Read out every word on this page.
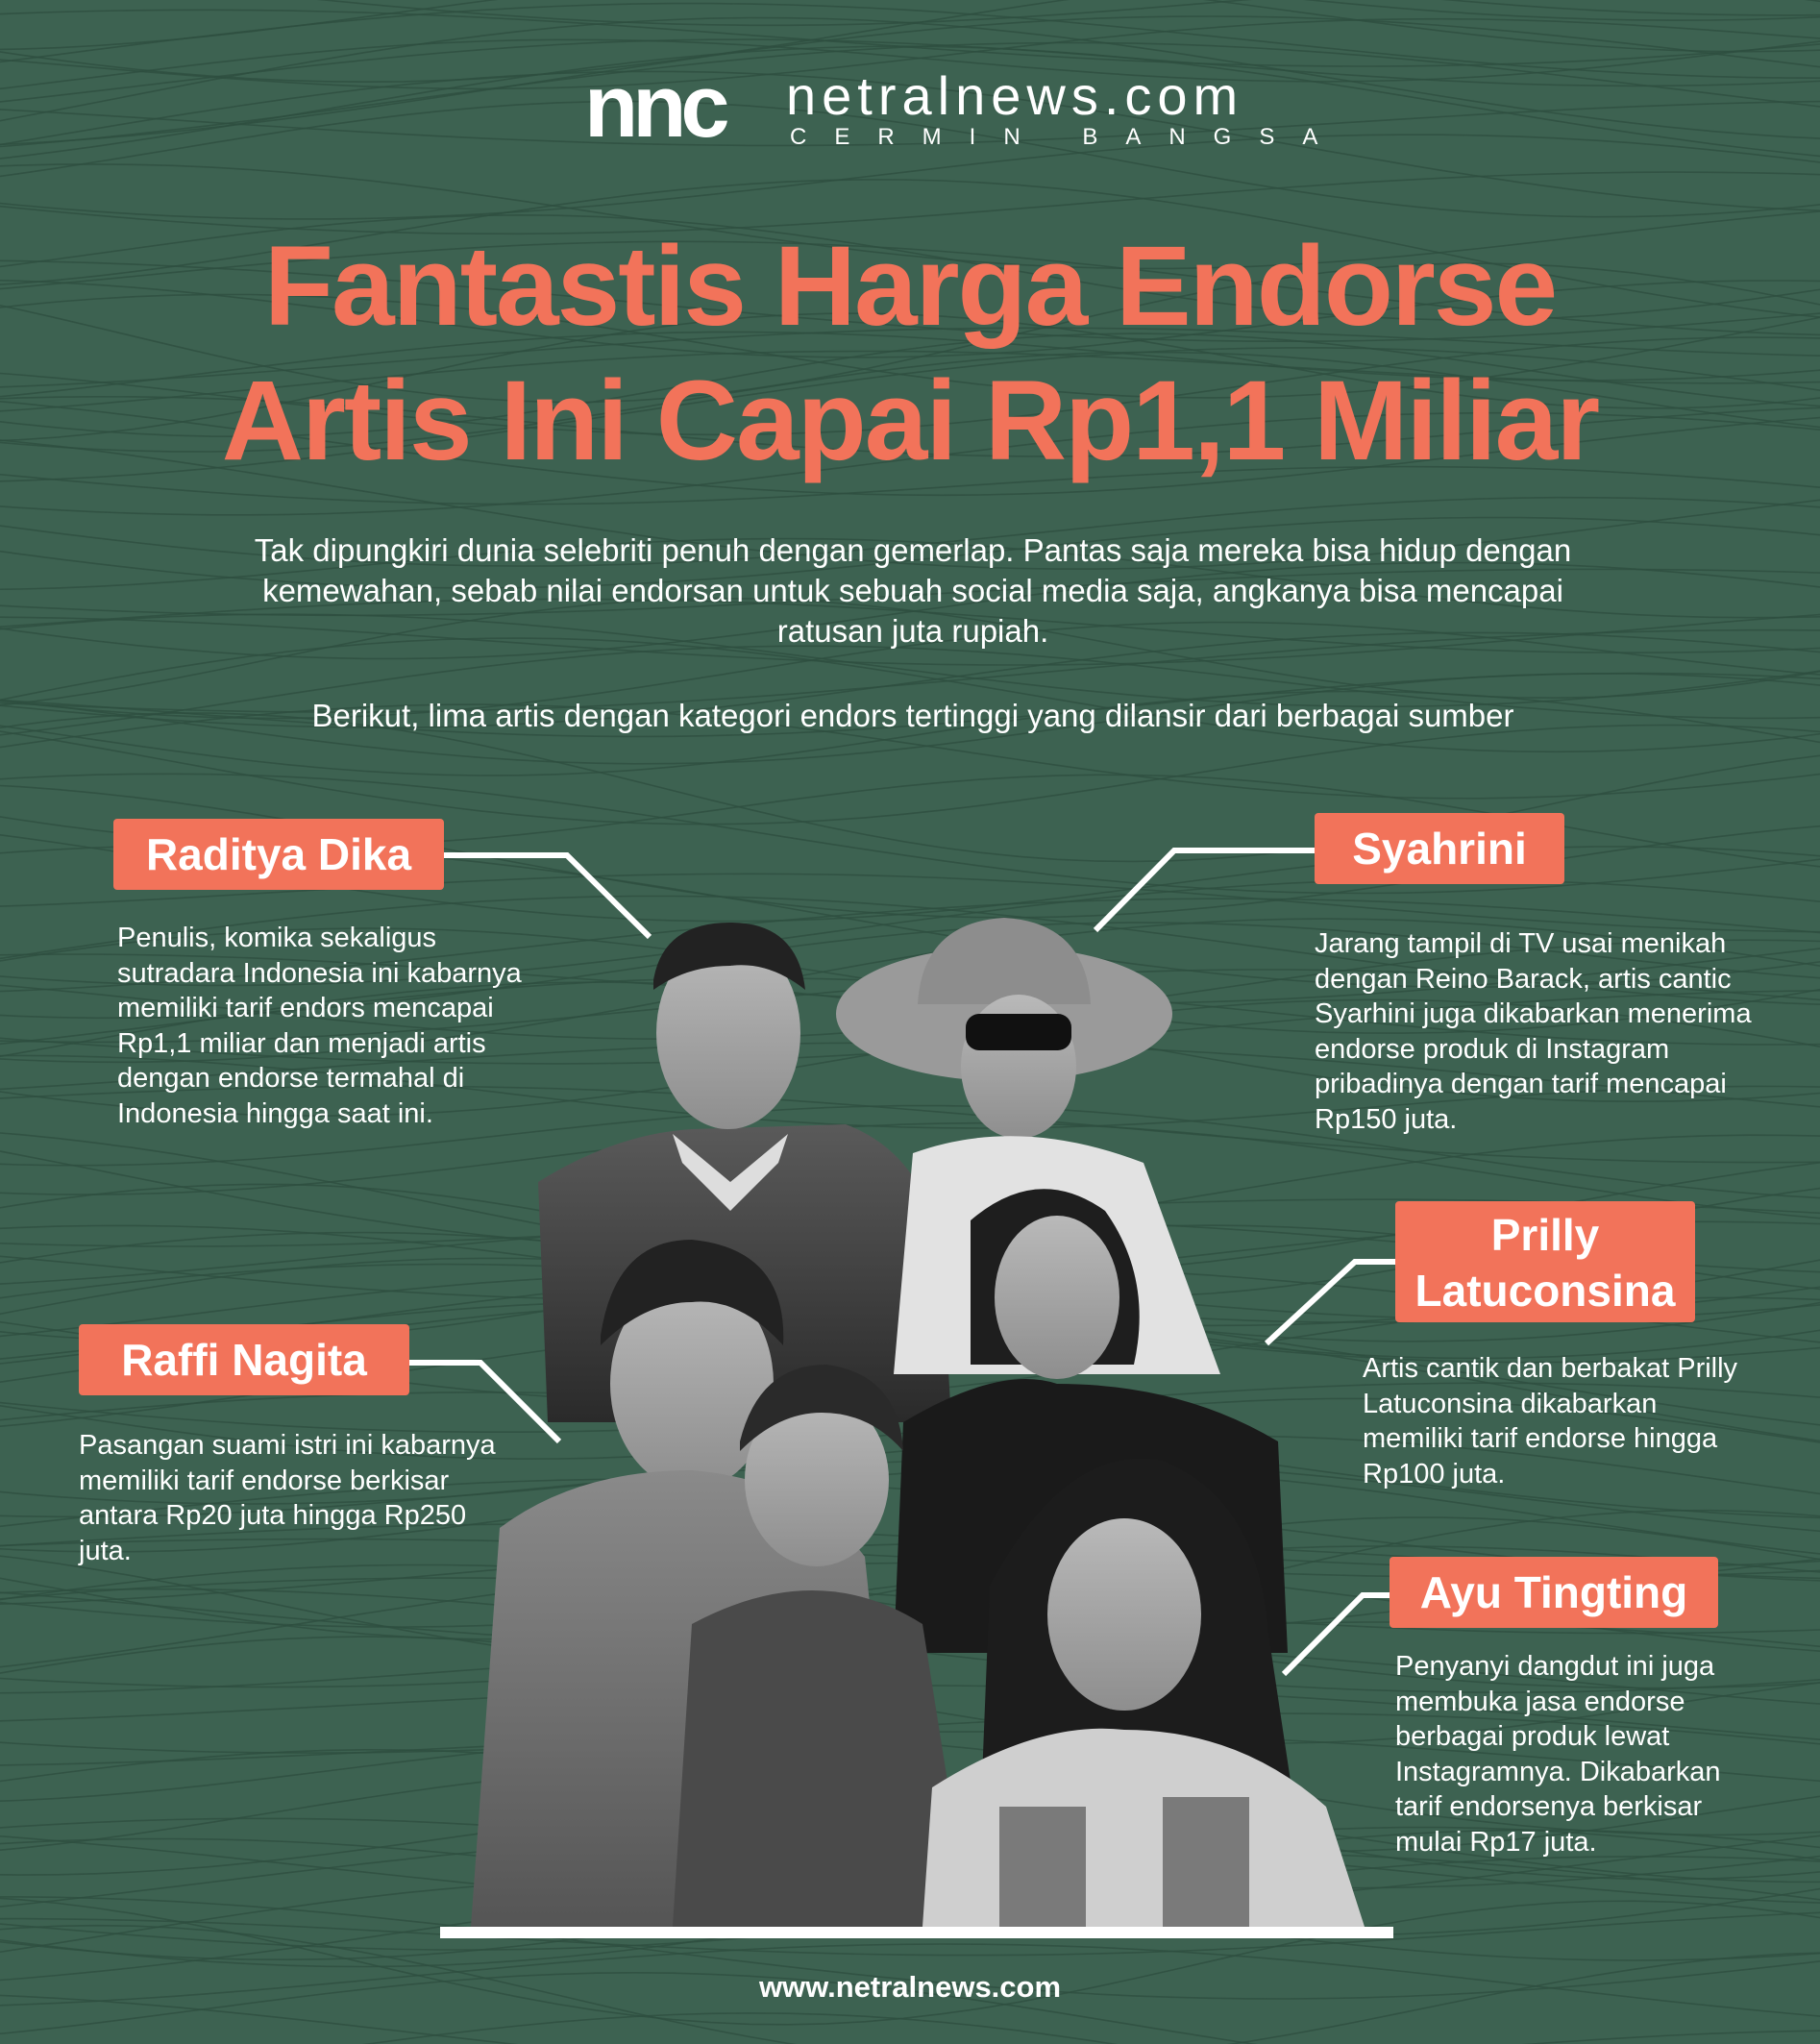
nnc netralnews.com
CERMIN BANGSA
Fantastis Harga Endorse
Artis Ini Capai Rp1,1 Miliar
Tak dipungkiri dunia selebriti penuh dengan gemerlap. Pantas saja mereka bisa hidup dengan kemewahan, sebab nilai endorsan untuk sebuah social media saja, angkanya bisa mencapai ratusan juta rupiah.
Berikut, lima artis dengan kategori endors tertinggi yang dilansir dari berbagai sumber
Raditya Dika
Penulis, komika sekaligus sutradara Indonesia ini kabarnya memiliki tarif endors mencapai Rp1,1 miliar dan menjadi artis dengan endorse termahal di Indonesia hingga saat ini.
Syahrini
Jarang tampil di TV usai menikah dengan Reino Barack, artis cantic Syarhini juga dikabarkan menerima endorse produk di Instagram pribadinya dengan tarif mencapai Rp150 juta.
Prilly
Latuconsina
Artis cantik dan berbakat Prilly Latuconsina dikabarkan memiliki tarif endorse hingga Rp100 juta.
Raffi Nagita
Pasangan suami istri ini kabarnya memiliki tarif endorse berkisar antara Rp20 juta hingga Rp250 juta.
Ayu Tingting
Penyanyi dangdut ini juga membuka jasa endorse berbagai produk lewat Instagramnya. Dikabarkan tarif endorsenya berkisar mulai Rp17 juta.
www.netralnews.com
